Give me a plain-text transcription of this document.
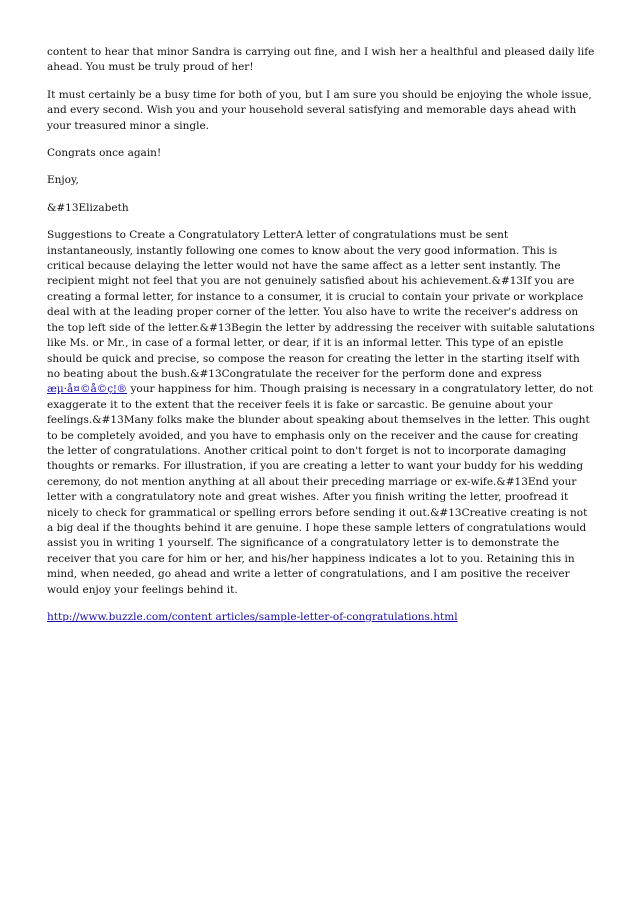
content to hear that minor Sandra is carrying out fine, and I wish her a healthful and pleased daily life ahead. You must be truly proud of her!

It must certainly be a busy time for both of you, but I am sure you should be enjoying the whole issue, and every second. Wish you and your household several satisfying and memorable days ahead with your treasured minor a single.

Congrats once again!

Enjoy,

&#13Elizabeth

Suggestions to Create a Congratulatory LetterA letter of congratulations must be sent instantaneously, instantly following one comes to know about the very good information. This is critical because delaying the letter would not have the same affect as a letter sent instantly. The recipient might not feel that you are not genuinely satisfied about his achievement.&#13If you are creating a formal letter, for instance to a consumer, it is crucial to contain your private or workplace deal with at the leading proper corner of the letter. You also have to write the receiver's address on the top left side of the letter.&#13Begin the letter by addressing the receiver with suitable salutations like Ms. or Mr., in case of a formal letter, or dear, if it is an informal letter. This type of an epistle should be quick and precise, so compose the reason for creating the letter in the starting itself with no beating about the bush.&#13Congratulate the receiver for the perform done and express æµ·å¤©å©ç¦® your happiness for him. Though praising is necessary in a congratulatory letter, do not exaggerate it to the extent that the receiver feels it is fake or sarcastic. Be genuine about your feelings.&#13Many folks make the blunder about speaking about themselves in the letter. This ought to be completely avoided, and you have to emphasis only on the receiver and the cause for creating the letter of congratulations. Another critical point to don't forget is not to incorporate damaging thoughts or remarks. For illustration, if you are creating a letter to want your buddy for his wedding ceremony, do not mention anything at all about their preceding marriage or ex-wife.&#13End your letter with a congratulatory note and great wishes. After you finish writing the letter, proofread it nicely to check for grammatical or spelling errors before sending it out.&#13Creative creating is not a big deal if the thoughts behind it are genuine. I hope these sample letters of congratulations would assist you in writing 1 yourself. The significance of a congratulatory letter is to demonstrate the receiver that you care for him or her, and his/her happiness indicates a lot to you. Retaining this in mind, when needed, go ahead and write a letter of congratulations, and I am positive the receiver would enjoy your feelings behind it.

http://www.buzzle.com/content articles/sample-letter-of-congratulations.html
